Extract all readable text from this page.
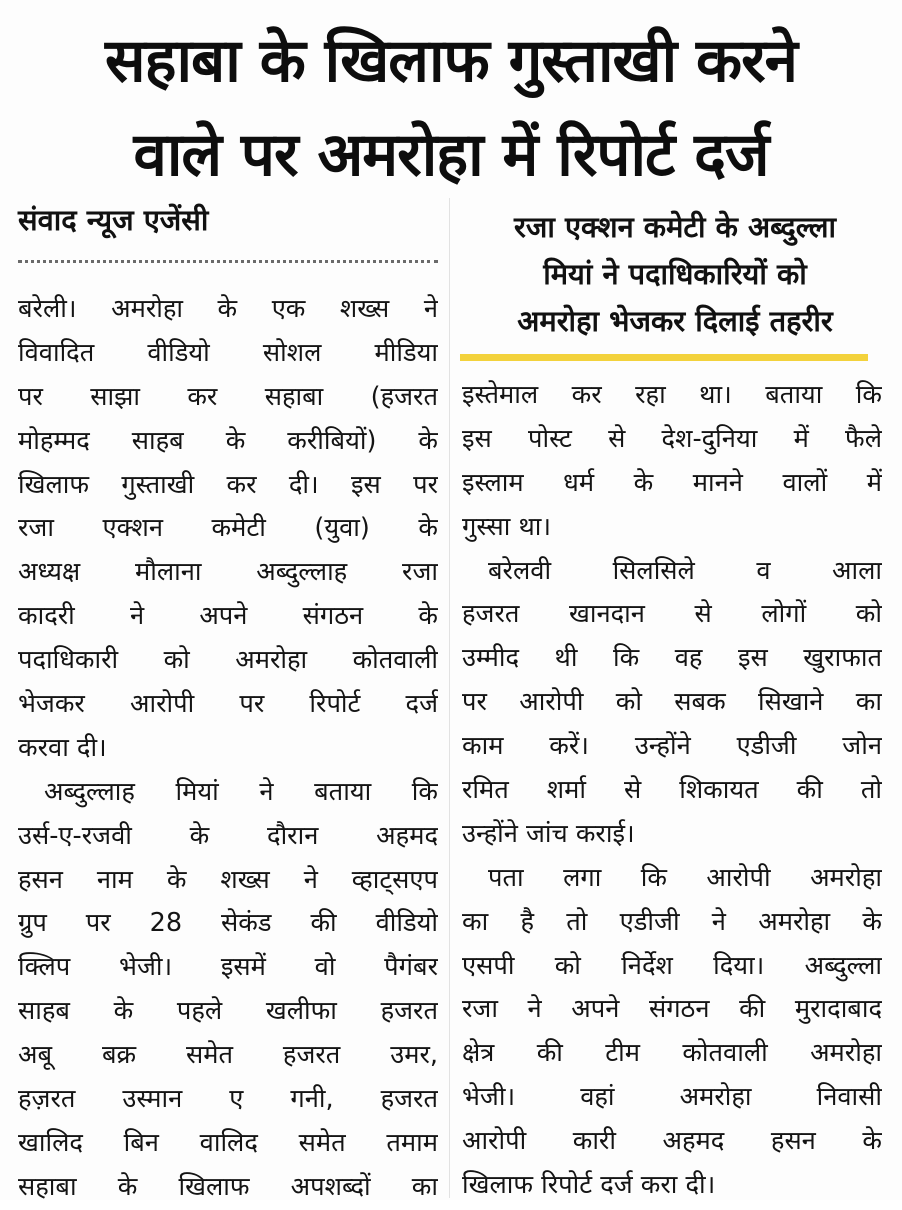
सहाबा के खिलाफ गुस्ताखी करने
वाले पर अमरोहा में रिपोर्ट दर्ज
संवाद न्यूज एजेंसी	रजा एक्शन कमेटी के अब्दुल्ला
मियां ने पदाधिकारियों को
अमरोहा भेजकर दिलाई तहरीर
बरेली। अमरोहा के एक शख्स ने
विवादित वीडियो सोशल मीडिया
पर साझा कर सहाबा (हजरत
मोहम्मद साहब के करीबियों) के
खिलाफ गुस्ताखी कर दी। इस पर
रजा एक्शन कमेटी (युवा) के
अध्यक्ष मौलाना अब्दुल्लाह रजा
कादरी ने अपने संगठन के
पदाधिकारी को अमरोहा कोतवाली
भेजकर आरोपी पर रिपोर्ट दर्ज
करवा दी।
अब्दुल्लाह मियां ने बताया कि
उर्स-ए-रजवी के दौरान अहमद
हसन नाम के शख्स ने व्हाट्सएप
ग्रुप पर 28 सेकंड की वीडियो
क्लिप भेजी। इसमें वो पैगंबर
साहब के पहले खलीफा हजरत
अबू बक्र समेत हजरत उमर,
हज़रत उस्मान ए गनी, हजरत
खालिद बिन वालिद समेत तमाम
सहाबा के खिलाफ अपशब्दों का
इस्तेमाल कर रहा था। बताया कि
इस पोस्ट से देश-दुनिया में फैले
इस्लाम धर्म के मानने वालों में
गुस्सा था।
बरेलवी सिलसिले व आला
हजरत खानदान से लोगों को
उम्मीद थी कि वह इस खुराफात
पर आरोपी को सबक सिखाने का
काम करें। उन्होंने एडीजी जोन
रमित शर्मा से शिकायत की तो
उन्होंने जांच कराई।
पता लगा कि आरोपी अमरोहा
का है तो एडीजी ने अमरोहा के
एसपी को निर्देश दिया। अब्दुल्ला
रजा ने अपने संगठन की मुरादाबाद
क्षेत्र की टीम कोतवाली अमरोहा
भेजी। वहां अमरोहा निवासी
आरोपी कारी अहमद हसन के
खिलाफ रिपोर्ट दर्ज करा दी।
